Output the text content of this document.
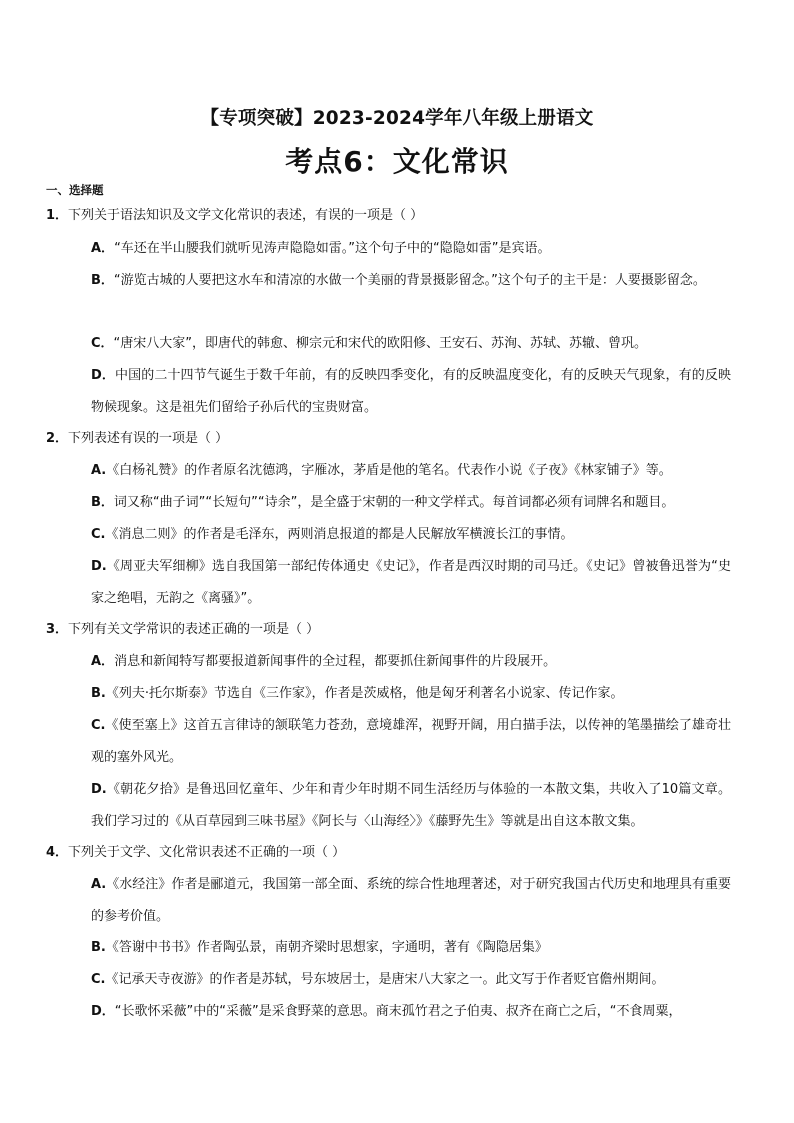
【专项突破】2023-2024学年八年级上册语文
考点6：文化常识
一、选择题
1．下列关于语法知识及文学文化常识的表述，有误的一项是（ ）
A．“车还在半山腰我们就听见涛声隐隐如雷。”这个句子中的“隐隐如雷”是宾语。
B．“游览古城的人要把这水车和清凉的水做一个美丽的背景摄影留念。”这个句子的主干是：人要摄影留念。
C．“唐宋八大家”，即唐代的韩愈、柳宗元和宋代的欧阳修、王安石、苏洵、苏轼、苏辙、曾巩。
D．中国的二十四节气诞生于数千年前，有的反映四季变化，有的反映温度变化，有的反映天气现象，有的反映物候现象。这是祖先们留给子孙后代的宝贵财富。
2．下列表述有误的一项是（ ）
A.《白杨礼赞》的作者原名沈德鸿，字雁冰，茅盾是他的笔名。代表作小说《子夜》《林家铺子》等。
B．词又称“曲子词”“长短句”“诗余”，是全盛于宋朝的一种文学样式。每首词都必须有词牌名和题目。
C.《消息二则》的作者是毛泽东，两则消息报道的都是人民解放军横渡长江的事情。
D.《周亚夫军细柳》选自我国第一部纪传体通史《史记》，作者是西汉时期的司马迁。《史记》曾被鲁迅誉为“史家之绝唱，无韵之《离骚》”。
3．下列有关文学常识的表述正确的一项是（ ）
A．消息和新闻特写都要报道新闻事件的全过程，都要抓住新闻事件的片段展开。
B.《列夫·托尔斯泰》节选自《三作家》，作者是茨威格，他是匈牙利著名小说家、传记作家。
C.《使至塞上》这首五言律诗的颔联笔力苍劲，意境雄浑，视野开阔，用白描手法，以传神的笔墨描绘了雄奇壮观的塞外风光。
D.《朝花夕拾》是鲁迅回忆童年、少年和青少年时期不同生活经历与体验的一本散文集，共收入了10篇文章。我们学习过的《从百草园到三味书屋》《阿长与〈山海经〉》《藤野先生》等就是出自这本散文集。
4．下列关于文学、文化常识表述不正确的一项（ ）
A.《水经注》作者是郦道元，我国第一部全面、系统的综合性地理著述，对于研究我国古代历史和地理具有重要的参考价值。
B.《答谢中书书》作者陶弘景，南朝齐梁时思想家，字通明，著有《陶隐居集》
C.《记承天寺夜游》的作者是苏轼，号东坡居士，是唐宋八大家之一。此文写于作者贬官儋州期间。
D．“长歌怀采薇”中的“采薇”是采食野菜的意思。商末孤竹君之子伯夷、叔齐在商亡之后，“不食周粟，
